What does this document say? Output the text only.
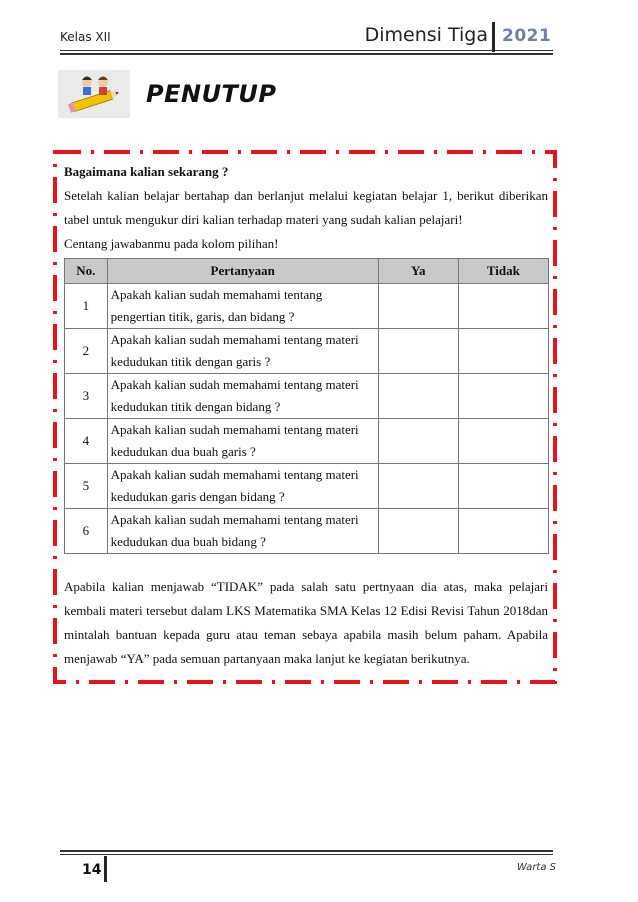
Kelas XII	Dimensi Tiga 2021
PENUTUP

Bagaimana kalian sekarang ?

Setelah kalian belajar bertahap dan berlanjut melalui kegiatan belajar 1, berikut diberikan tabel untuk mengukur diri kalian terhadap materi yang sudah kalian pelajari!

Centang jawabanmu pada kolom pilihan!

No.	Pertanyaan	Ya	Tidak
1	Apakah kalian sudah memahami tentang
pengertian titik, garis, dan bidang ?		
2	Apakah kalian sudah memahami tentang materi
kedudukan titik dengan garis ?		
3	Apakah kalian sudah memahami tentang materi
kedudukan titik dengan bidang ?		
4	Apakah kalian sudah memahami tentang materi
kedudukan dua buah garis ?		
5	Apakah kalian sudah memahami tentang materi
kedudukan garis dengan bidang ?		
6	Apakah kalian sudah memahami tentang materi
kedudukan dua buah bidang ?		

Apabila kalian menjawab “TIDAK” pada salah satu pertnyaan dia atas, maka pelajari kembali materi tersebut dalam LKS Matematika SMA Kelas 12 Edisi Revisi Tahun 2018dan mintalah bantuan kepada guru atau teman sebaya apabila masih belum paham. Apabila menjawab “YA” pada semuan partanyaan maka lanjut ke kegiatan berikutnya.

14	Warta S
